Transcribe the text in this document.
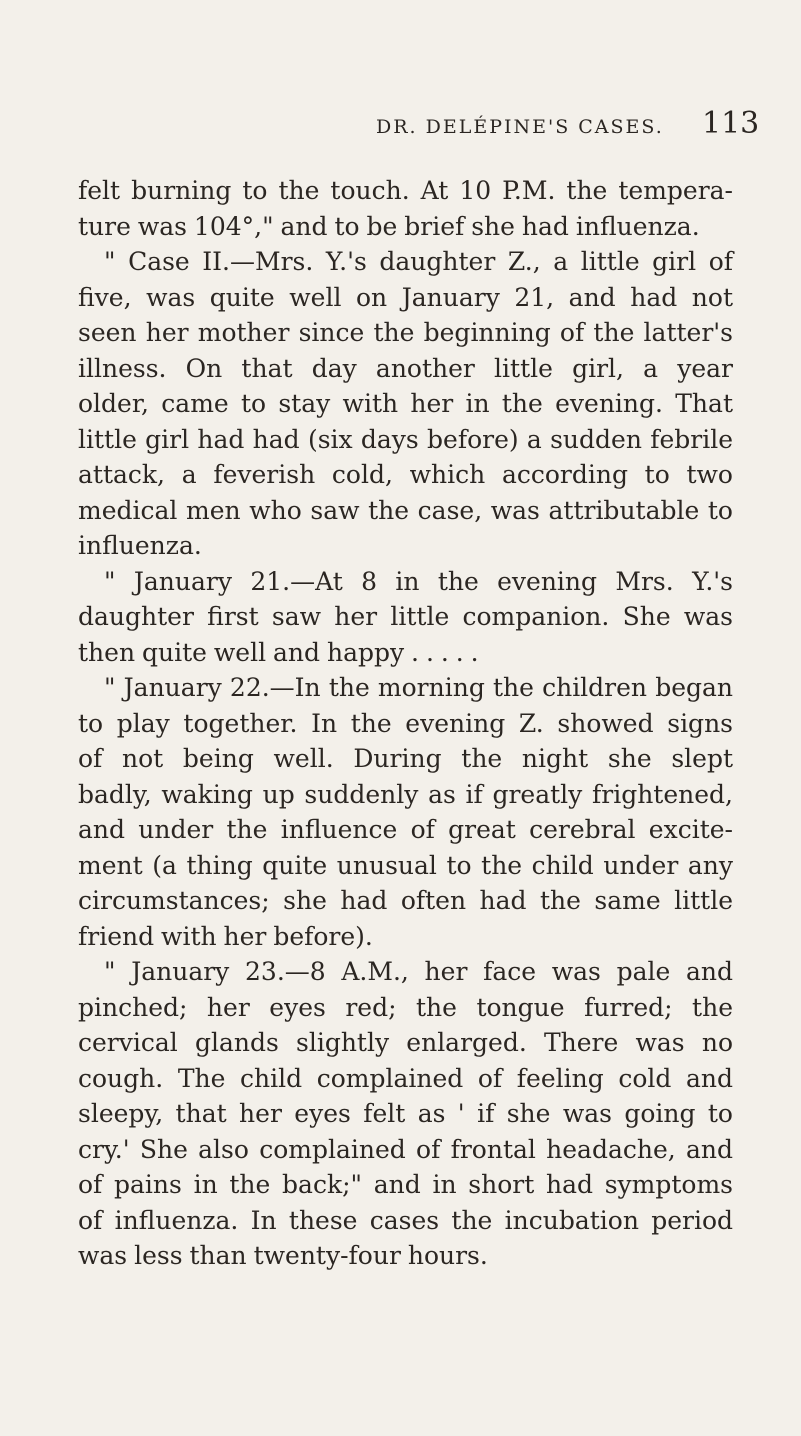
DR. DELÉPINE'S CASES. 113
felt burning to the touch. At 10 P.M. the tempera-
ture was 104°," and to be brief she had influenza.
" Case II.—Mrs. Y.'s daughter Z., a little girl of
five, was quite well on January 21, and had not
seen her mother since the beginning of the latter's
illness. On that day another little girl, a year
older, came to stay with her in the evening. That
little girl had had (six days before) a sudden febrile
attack, a feverish cold, which according to two
medical men who saw the case, was attributable to
influenza.
" January 21.—At 8 in the evening Mrs. Y.'s
daughter first saw her little companion. She was
then quite well and happy . . . . .
" January 22.—In the morning the children began
to play together. In the evening Z. showed signs
of not being well. During the night she slept
badly, waking up suddenly as if greatly frightened,
and under the influence of great cerebral excite-
ment (a thing quite unusual to the child under any
circumstances; she had often had the same little
friend with her before).
" January 23.—8 A.M., her face was pale and
pinched; her eyes red; the tongue furred; the
cervical glands slightly enlarged. There was no
cough. The child complained of feeling cold and
sleepy, that her eyes felt as ' if she was going to
cry.' She also complained of frontal headache, and
of pains in the back;" and in short had symptoms
of influenza. In these cases the incubation period
was less than twenty-four hours.
